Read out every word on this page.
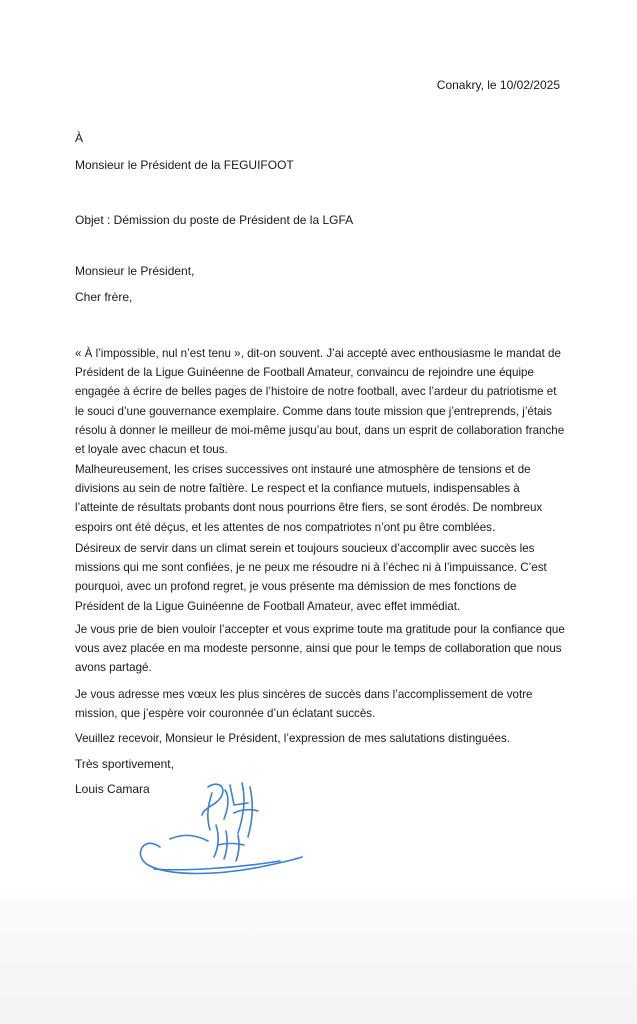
Conakry, le 10/02/2025
À
Monsieur le Président de la FEGUIFOOT
Objet : Démission du poste de Président de la LGFA
Monsieur le Président,
Cher frère,

« À l’impossible, nul n’est tenu », dit-on souvent. J’ai accepté avec enthousiasme le mandat de Président de la Ligue Guinéenne de Football Amateur, convaincu de rejoindre une équipe engagée à écrire de belles pages de l’histoire de notre football, avec l’ardeur du patriotisme et le souci d’une gouvernance exemplaire. Comme dans toute mission que j’entreprends, j’étais résolu à donner le meilleur de moi-même jusqu’au bout, dans un esprit de collaboration franche et loyale avec chacun et tous.

Malheureusement, les crises successives ont instauré une atmosphère de tensions et de divisions au sein de notre faîtière. Le respect et la confiance mutuels, indispensables à l’atteinte de résultats probants dont nous pourrions être fiers, se sont érodés. De nombreux espoirs ont été déçus, et les attentes de nos compatriotes n’ont pu être comblées.

Désireux de servir dans un climat serein et toujours soucieux d’accomplir avec succès les missions qui me sont confiées, je ne peux me résoudre ni à l’échec ni à l’impuissance. C’est pourquoi, avec un profond regret, je vous présente ma démission de mes fonctions de Président de la Ligue Guinéenne de Football Amateur, avec effet immédiat.

Je vous prie de bien vouloir l’accepter et vous exprime toute ma gratitude pour la confiance que vous avez placée en ma modeste personne, ainsi que pour le temps de collaboration que nous avons partagé.

Je vous adresse mes vœux les plus sincères de succès dans l’accomplissement de votre mission, que j’espère voir couronnée d’un éclatant succès.

Veuillez recevoir, Monsieur le Président, l’expression de mes salutations distinguées.

Très sportivement,
Louis Camara
